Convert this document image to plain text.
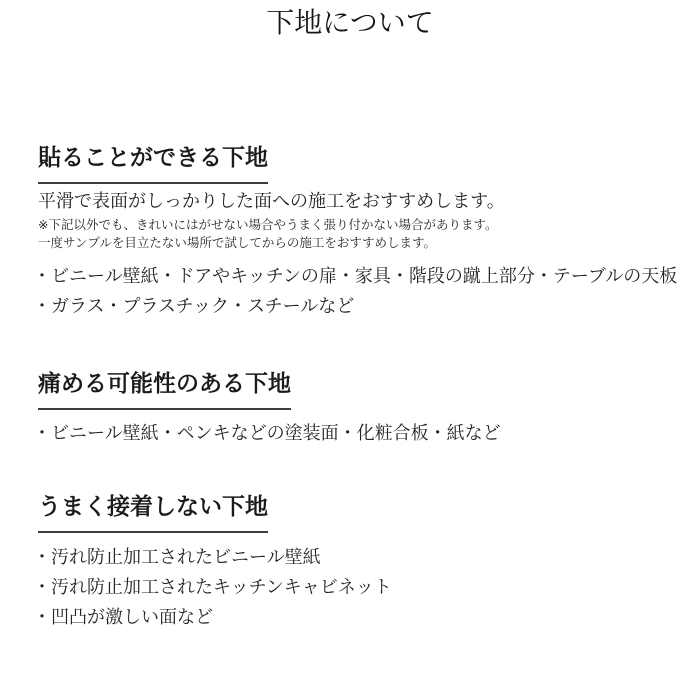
下地について
貼ることができる下地

平滑で表面がしっかりした面への施工をおすすめします。

※下記以外でも、きれいにはがせない場合やうまく張り付かない場合があります。
一度サンプルを目立たない場所で試してからの施工をおすすめします。

・ビニール壁紙・ドアやキッチンの扉・家具・階段の蹴上部分・テーブルの天板
・ガラス・プラスチック・スチールなど
痛める可能性のある下地
・ビニール壁紙・ペンキなどの塗装面・化粧合板・紙など
うまく接着しない下地
・汚れ防止加工されたビニール壁紙
・汚れ防止加工されたキッチンキャビネット
・凹凸が激しい面など
